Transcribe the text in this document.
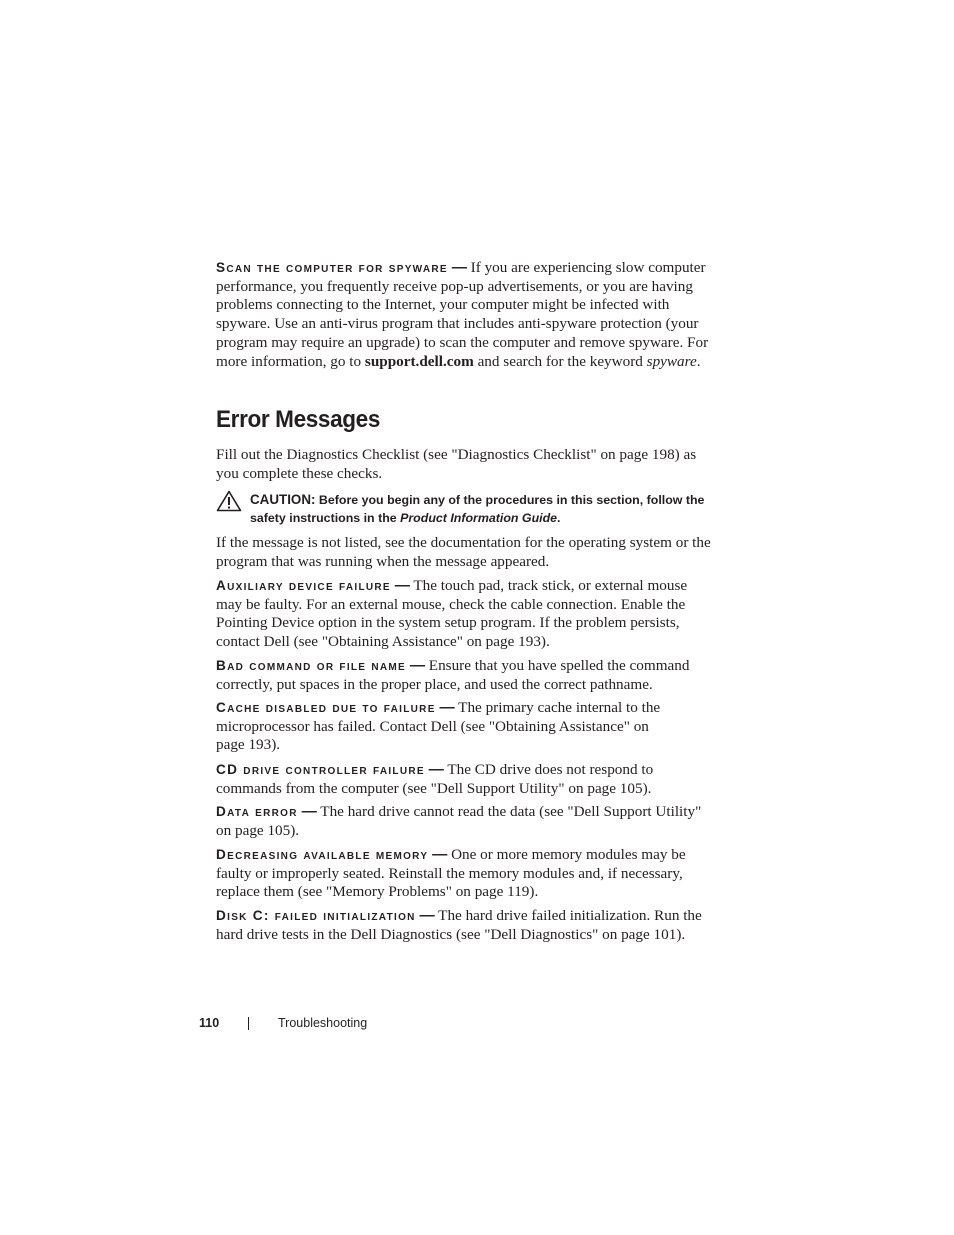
Scan the computer for spyware — If you are experiencing slow computer performance, you frequently receive pop-up advertisements, or you are having problems connecting to the Internet, your computer might be infected with spyware. Use an anti-virus program that includes anti-spyware protection (your program may require an upgrade) to scan the computer and remove spyware. For more information, go to support.dell.com and search for the keyword spyware.

Error Messages

Fill out the Diagnostics Checklist (see "Diagnostics Checklist" on page 198) as you complete these checks.

CAUTION: Before you begin any of the procedures in this section, follow the safety instructions in the Product Information Guide.

If the message is not listed, see the documentation for the operating system or the program that was running when the message appeared.

Auxiliary device failure — The touch pad, track stick, or external mouse may be faulty. For an external mouse, check the cable connection. Enable the Pointing Device option in the system setup program. If the problem persists, contact Dell (see "Obtaining Assistance" on page 193).

Bad command or file name — Ensure that you have spelled the command correctly, put spaces in the proper place, and used the correct pathname.

Cache disabled due to failure — The primary cache internal to the microprocessor has failed. Contact Dell (see "Obtaining Assistance" on page 193).

CD drive controller failure — The CD drive does not respond to commands from the computer (see "Dell Support Utility" on page 105).

Data error — The hard drive cannot read the data (see "Dell Support Utility" on page 105).

Decreasing available memory — One or more memory modules may be faulty or improperly seated. Reinstall the memory modules and, if necessary, replace them (see "Memory Problems" on page 119).

Disk C: failed initialization — The hard drive failed initialization. Run the hard drive tests in the Dell Diagnostics (see "Dell Diagnostics" on page 101).

110	Troubleshooting
